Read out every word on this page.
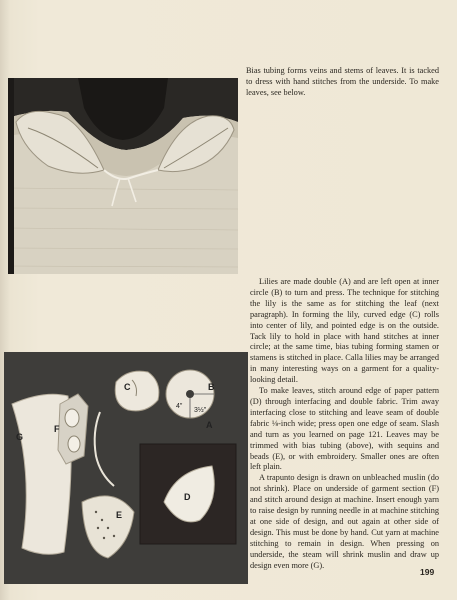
Bias tubing forms veins and stems of leaves. It is tacked to dress with hand stitches from the underside. To make leaves, see below.

Lilies are made double (A) and are left open at inner circle (B) to turn and press. The technique for stitching the lily is the same as for stitching the leaf (next paragraph). In forming the lily, curved edge (C) rolls into center of lily, and pointed edge is on the outside. Tack lily to hold in place with hand stitches at inner circle; at the same time, bias tubing forming stamen or stamens is stitched in place. Calla lilies may be arranged in many interesting ways on a garment for a quality-looking detail.

To make leaves, stitch around edge of paper pattern (D) through interfacing and double fabric. Trim away interfacing close to stitching and leave seam of double fabric ⅛-inch wide; press open one edge of seam. Slash and turn as you learned on page 121. Leaves may be trimmed with bias tubing (above), with sequins and beads (E), or with embroidery. Smaller ones are often left plain.

A trapunto design is drawn on unbleached muslin (do not shrink). Place on underside of garment section (F) and stitch around design at machine. Insert enough yarn to raise design by running needle in at machine stitching at one side of design, and out again at other side of design. This must be done by hand. Cut yarn at machine stitching to remain in design. When pressing on underside, the steam will shrink muslin and draw up design even more (G).

G
F
C
A
B
3½"
4"
D
E
199
